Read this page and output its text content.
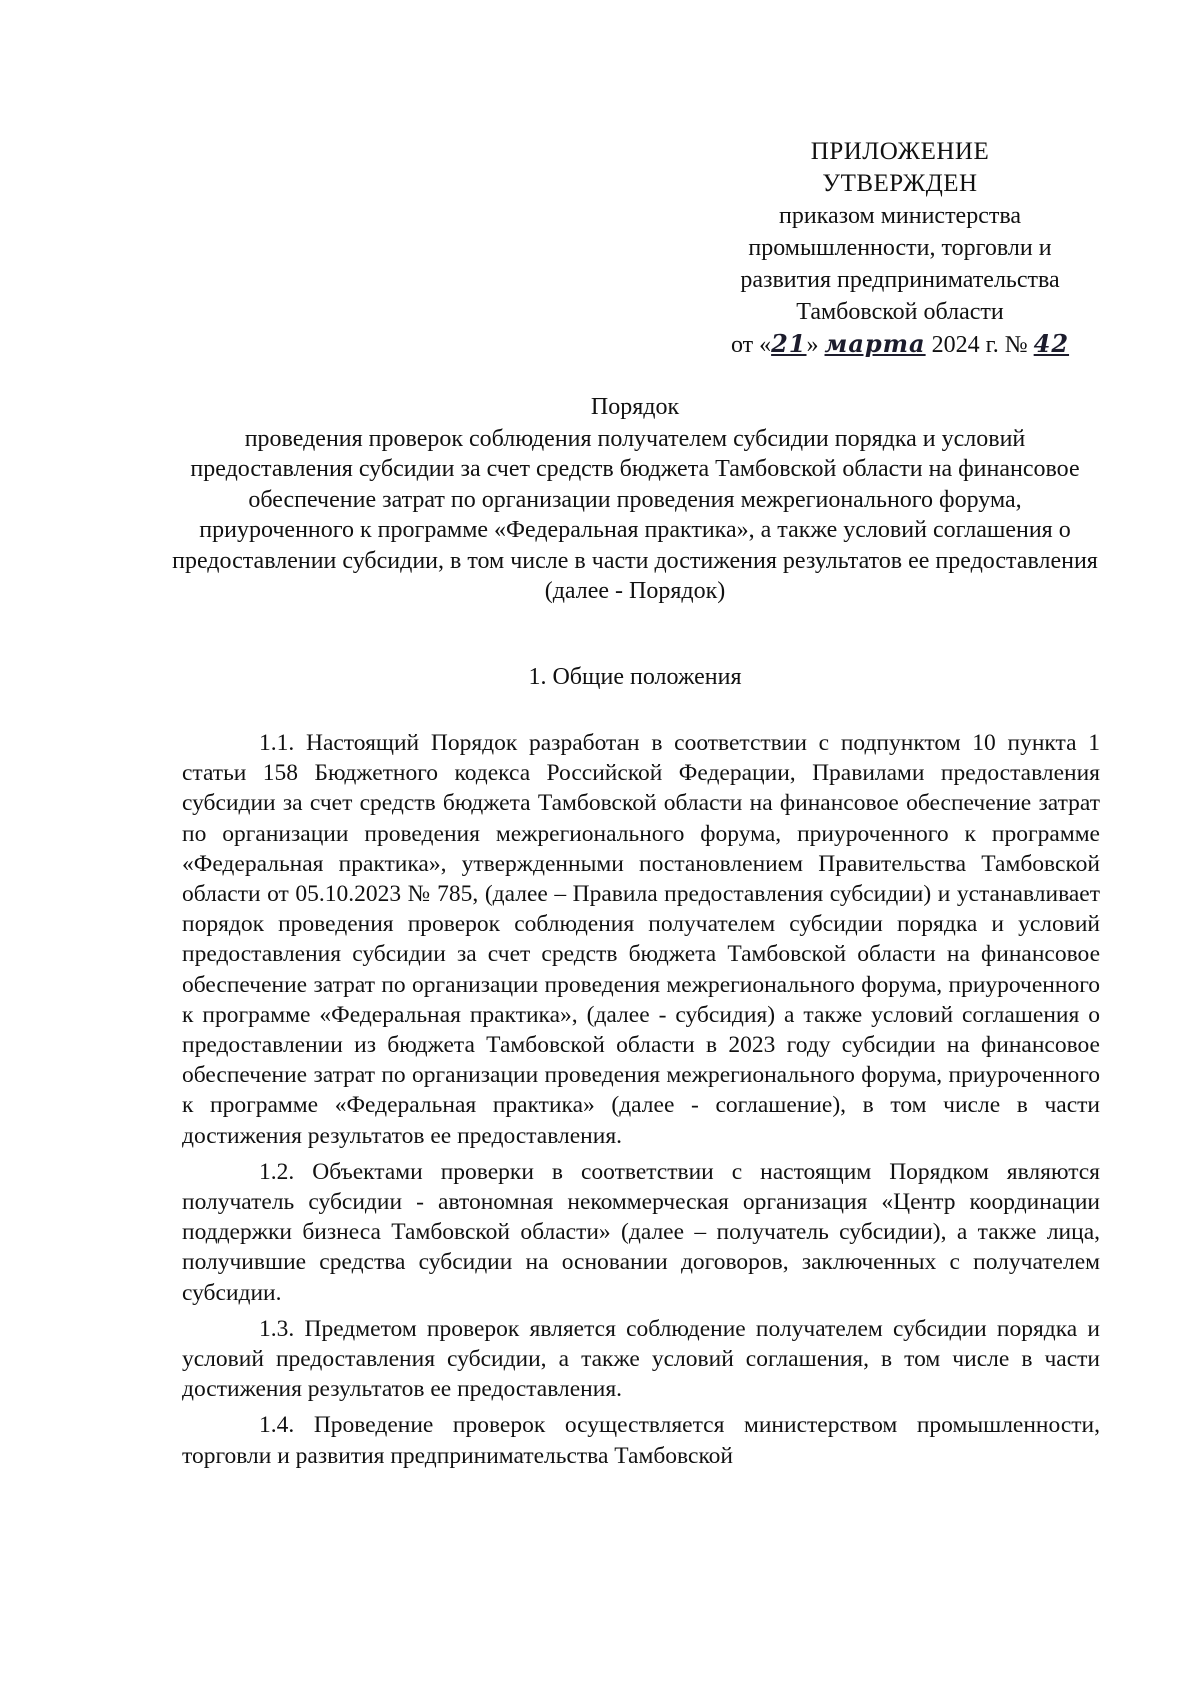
ПРИЛОЖЕНИЕ
УТВЕРЖДЕН
приказом министерства
промышленности, торговли и
развития предпринимательства
Тамбовской области
от «21» марта 2024 г. № 42
Порядок
проведения проверок соблюдения получателем субсидии порядка и условий предоставления субсидии за счет средств бюджета Тамбовской области на финансовое обеспечение затрат по организации проведения межрегионального форума, приуроченного к программе «Федеральная практика», а также условий соглашения о предоставлении субсидии, в том числе в части достижения результатов ее предоставления
(далее - Порядок)
1. Общие положения

1.1. Настоящий Порядок разработан в соответствии с подпунктом 10 пункта 1 статьи 158 Бюджетного кодекса Российской Федерации, Правилами предоставления субсидии за счет средств бюджета Тамбовской области на финансовое обеспечение затрат по организации проведения межрегионального форума, приуроченного к программе «Федеральная практика», утвержденными постановлением Правительства Тамбовской области от 05.10.2023 № 785, (далее – Правила предоставления субсидии) и устанавливает порядок проведения проверок соблюдения получателем субсидии порядка и условий предоставления субсидии за счет средств бюджета Тамбовской области на финансовое обеспечение затрат по организации проведения межрегионального форума, приуроченного к программе «Федеральная практика», (далее - субсидия) а также условий соглашения о предоставлении из бюджета Тамбовской области в 2023 году субсидии на финансовое обеспечение затрат по организации проведения межрегионального форума, приуроченного к программе «Федеральная практика» (далее - соглашение), в том числе в части достижения результатов ее предоставления.

1.2. Объектами проверки в соответствии с настоящим Порядком являются получатель субсидии - автономная некоммерческая организация «Центр координации поддержки бизнеса Тамбовской области» (далее – получатель субсидии), а также лица, получившие средства субсидии на основании договоров, заключенных с получателем субсидии.

1.3. Предметом проверок является соблюдение получателем субсидии порядка и условий предоставления субсидии, а также условий соглашения, в том числе в части достижения результатов ее предоставления.

1.4. Проведение проверок осуществляется министерством промышленности, торговли и развития предпринимательства Тамбовской
